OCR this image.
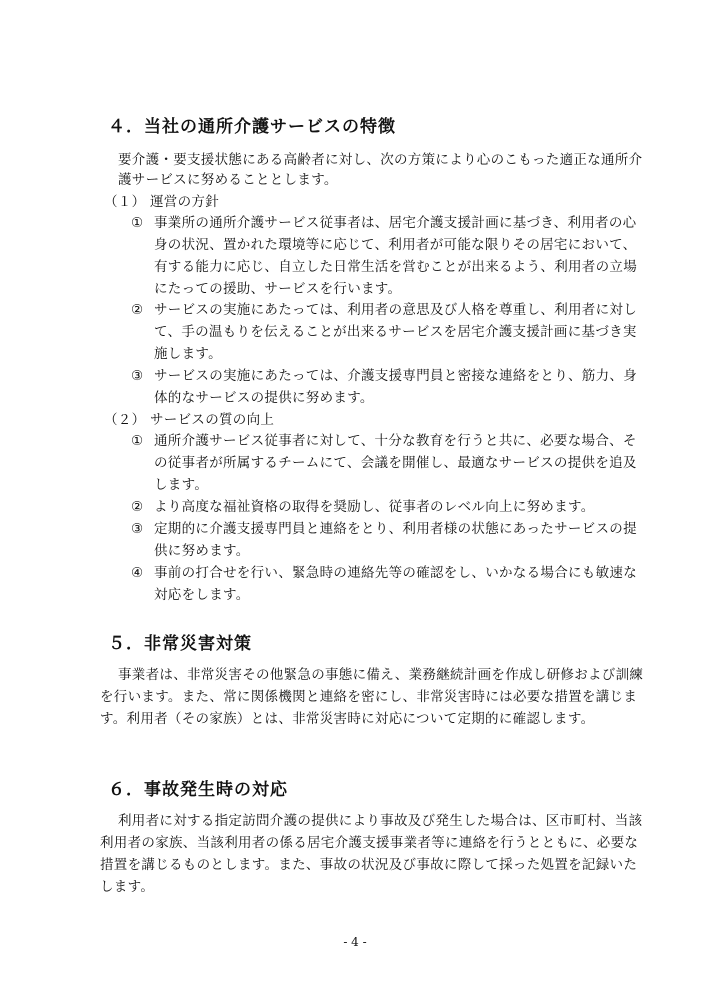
４．当社の通所介護サービスの特徴
要介護・要支援状態にある高齢者に対し、次の方策により心のこもった適正な通所介
護サービスに努めることとします。
（１） 運営の方針
① 事業所の通所介護サービス従事者は、居宅介護支援計画に基づき、利用者の心
身の状況、置かれた環境等に応じて、利用者が可能な限りその居宅において、
有する能力に応じ、自立した日常生活を営むことが出来るよう、利用者の立場
にたっての援助、サービスを行います。
② サービスの実施にあたっては、利用者の意思及び人格を尊重し、利用者に対し
て、手の温もりを伝えることが出来るサービスを居宅介護支援計画に基づき実
施します。
③ サービスの実施にあたっては、介護支援専門員と密接な連絡をとり、筋力、身
体的なサービスの提供に努めます。
（２） サービスの質の向上
① 通所介護サービス従事者に対して、十分な教育を行うと共に、必要な場合、そ
の従事者が所属するチームにて、会議を開催し、最適なサービスの提供を追及
します。
② より高度な福祉資格の取得を奨励し、従事者のレベル向上に努めます。
③ 定期的に介護支援専門員と連絡をとり、利用者様の状態にあったサービスの提
供に努めます。
④ 事前の打合せを行い、緊急時の連絡先等の確認をし、いかなる場合にも敏速な
対応をします。
５．非常災害対策
事業者は、非常災害その他緊急の事態に備え、業務継続計画を作成し研修および訓練
を行います。また、常に関係機関と連絡を密にし、非常災害時には必要な措置を講じま
す。利用者（その家族）とは、非常災害時に対応について定期的に確認します。
６．事故発生時の対応
利用者に対する指定訪問介護の提供により事故及び発生した場合は、区市町村、当該
利用者の家族、当該利用者の係る居宅介護支援事業者等に連絡を行うとともに、必要な
措置を講じるものとします。また、事故の状況及び事故に際して採った処置を記録いた
します。
- 4 -
